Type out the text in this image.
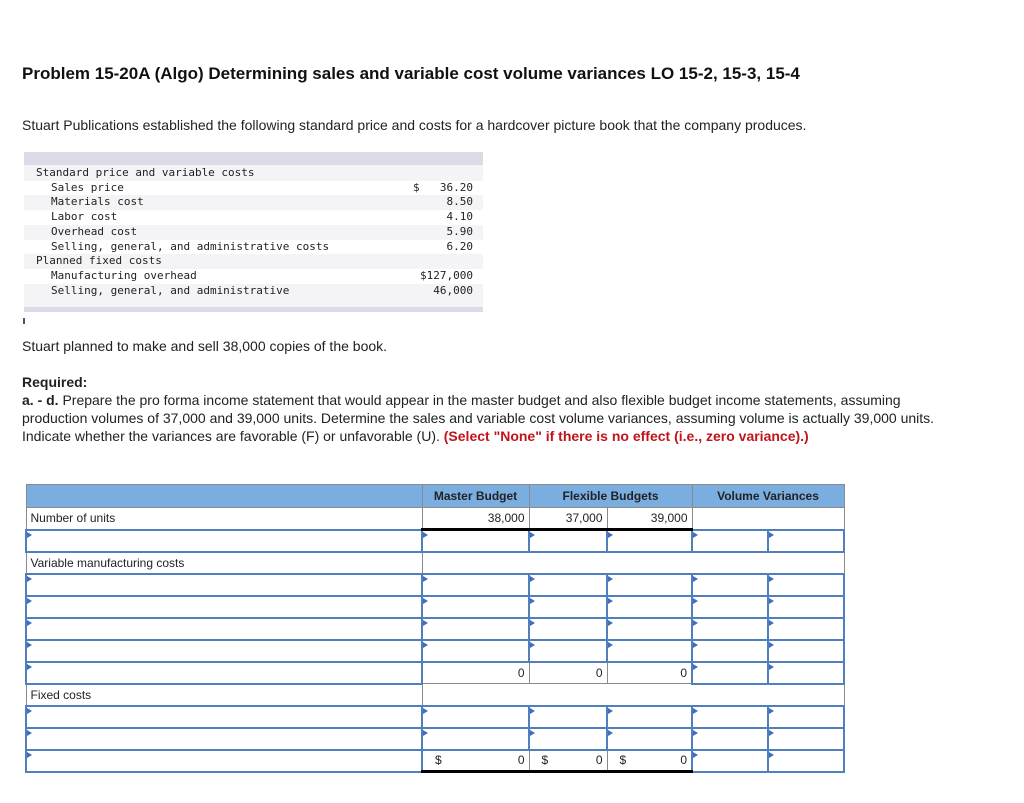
Problem 15-20A (Algo) Determining sales and variable cost volume variances LO 15-2, 15-3, 15-4
Stuart Publications established the following standard price and costs for a hardcover picture book that the company produces.
Standard price and variable costs
Sales price	$ 36.20
Materials cost	8.50
Labor cost	4.10
Overhead cost	5.90
Selling, general, and administrative costs	6.20
Planned fixed costs
Manufacturing overhead	$127,000
Selling, general, and administrative	46,000
Stuart planned to make and sell 38,000 copies of the book.
Required:
a. - d. Prepare the pro forma income statement that would appear in the master budget and also flexible budget income statements, assuming production volumes of 37,000 and 39,000 units. Determine the sales and variable cost volume variances, assuming volume is actually 39,000 units. Indicate whether the variances are favorable (F) or unfavorable (U). (Select "None" if there is no effect (i.e., zero variance).)
	Master Budget	Flexible Budgets		Volume Variances	
Number of units	38,000	37,000	39,000		

Variable manufacturing costs					

	0	0	0		
Fixed costs					

	$ 0	$ 0	$ 0		
